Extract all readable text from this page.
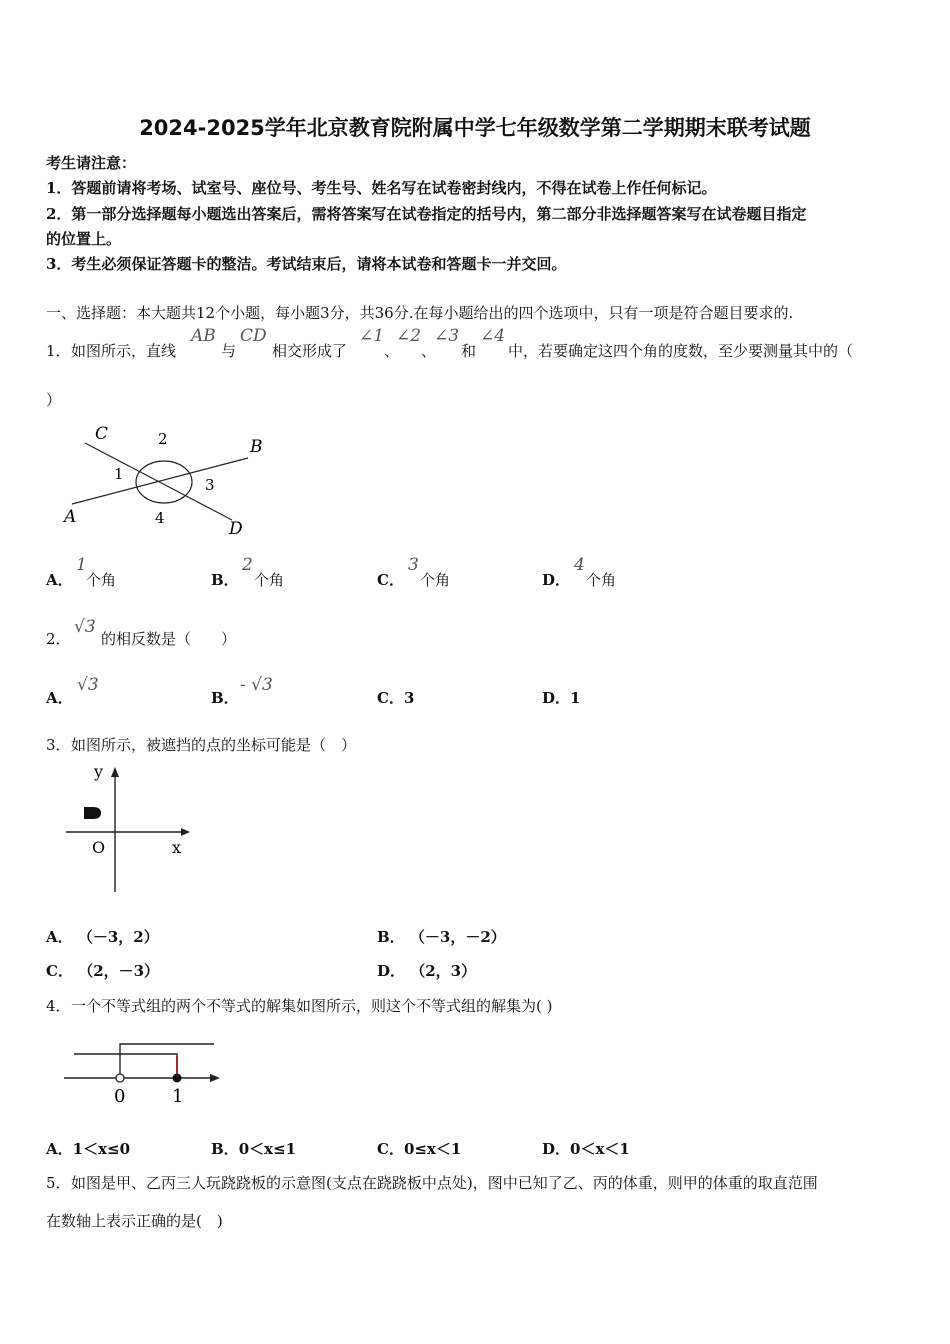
2024-2025学年北京教育院附属中学七年级数学第二学期期末联考试题
考生请注意：
1．答题前请将考场、试室号、座位号、考生号、姓名写在试卷密封线内，不得在试卷上作任何标记。
2．第一部分选择题每小题选出答案后，需将答案写在试卷指定的括号内，第二部分非选择题答案写在试卷题目指定
的位置上。
3．考生必须保证答题卡的整洁。考试结束后，请将本试卷和答题卡一并交回。
一、选择题：本大题共12个小题，每小题3分，共36分.在每小题给出的四个选项中，只有一项是符合题目要求的.
1． 如图所示，直线
AB
与
CD
相交形成了
∠1
、
∠2
、
∠3
和
∠4
中，若要确定这四个角的度数，至少要测量其中的（
）
C
B
A
D
1
2
3
4
A．
1
个角	B．
2
个角	C．
3
个角	D．
4
个角
2．
√3
的相反数是（　　）
A．
√3
B．
- √3
C．3	D．1
3． 如图所示，被遮挡的点的坐标可能是（　）
y
x
O
A． （－3，2）	B． （－3，－2）
C． （2，－3）	D． （2，3）
4． 一个不等式组的两个不等式的解集如图所示，则这个不等式组的解集为( )
0	1
A．1＜x≤0	B．0＜x≤1	C．0≤x＜1	D．0＜x＜1
5． 如图是甲、乙丙三人玩跷跷板的示意图(支点在跷跷板中点处)，图中已知了乙、丙的体重，则甲的体重的取直范围
在数轴上表示正确的是(　)
